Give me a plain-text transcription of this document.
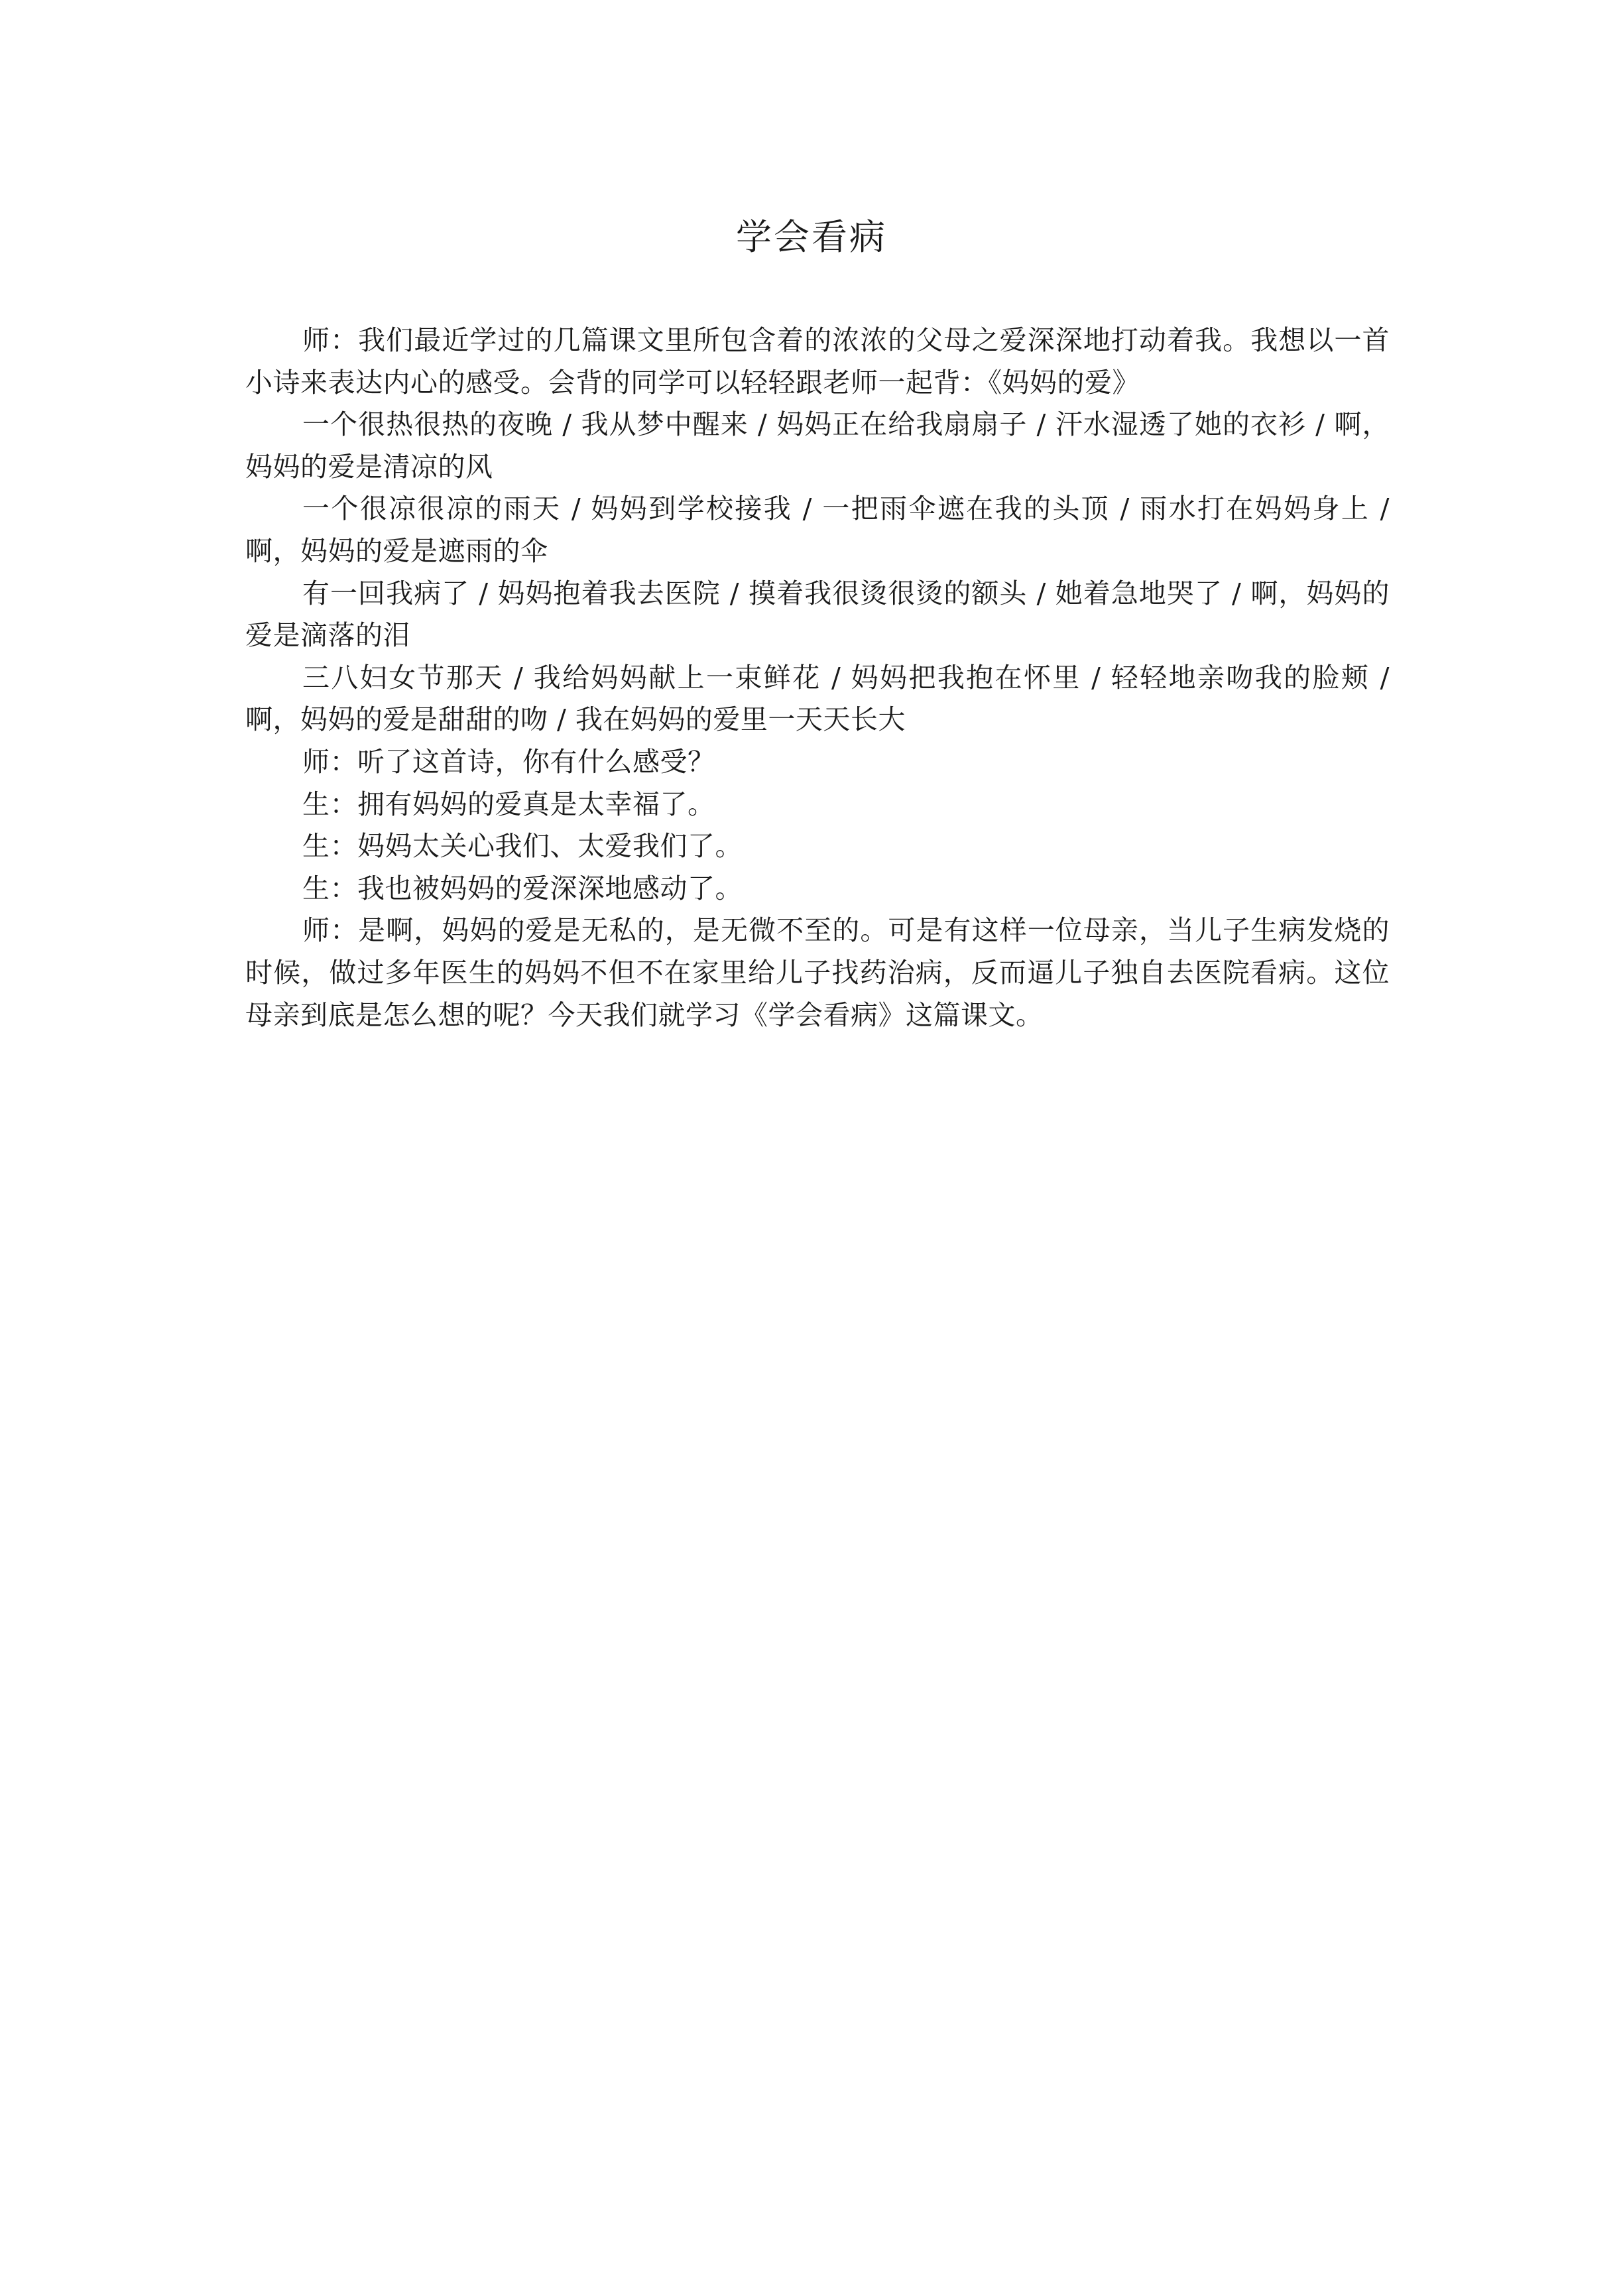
学会看病

师：我们最近学过的几篇课文里所包含着的浓浓的父母之爱深深地打动着我。我想以一首小诗来表达内心的感受。会背的同学可以轻轻跟老师一起背：《妈妈的爱》

一个很热很热的夜晚 / 我从梦中醒来 / 妈妈正在给我扇扇子 / 汗水湿透了她的衣衫 / 啊，妈妈的爱是清凉的风

一个很凉很凉的雨天 / 妈妈到学校接我 / 一把雨伞遮在我的头顶 / 雨水打在妈妈身上 / 啊，妈妈的爱是遮雨的伞

有一回我病了 / 妈妈抱着我去医院 / 摸着我很烫很烫的额头 / 她着急地哭了 / 啊，妈妈的爱是滴落的泪

三八妇女节那天 / 我给妈妈献上一束鲜花 / 妈妈把我抱在怀里 / 轻轻地亲吻我的脸颊 / 啊，妈妈的爱是甜甜的吻 / 我在妈妈的爱里一天天长大

师：听了这首诗，你有什么感受？

生：拥有妈妈的爱真是太幸福了。

生：妈妈太关心我们、太爱我们了。

生：我也被妈妈的爱深深地感动了。

师：是啊，妈妈的爱是无私的，是无微不至的。可是有这样一位母亲，当儿子生病发烧的时候，做过多年医生的妈妈不但不在家里给儿子找药治病，反而逼儿子独自去医院看病。这位母亲到底是怎么想的呢？今天我们就学习《学会看病》这篇课文。
